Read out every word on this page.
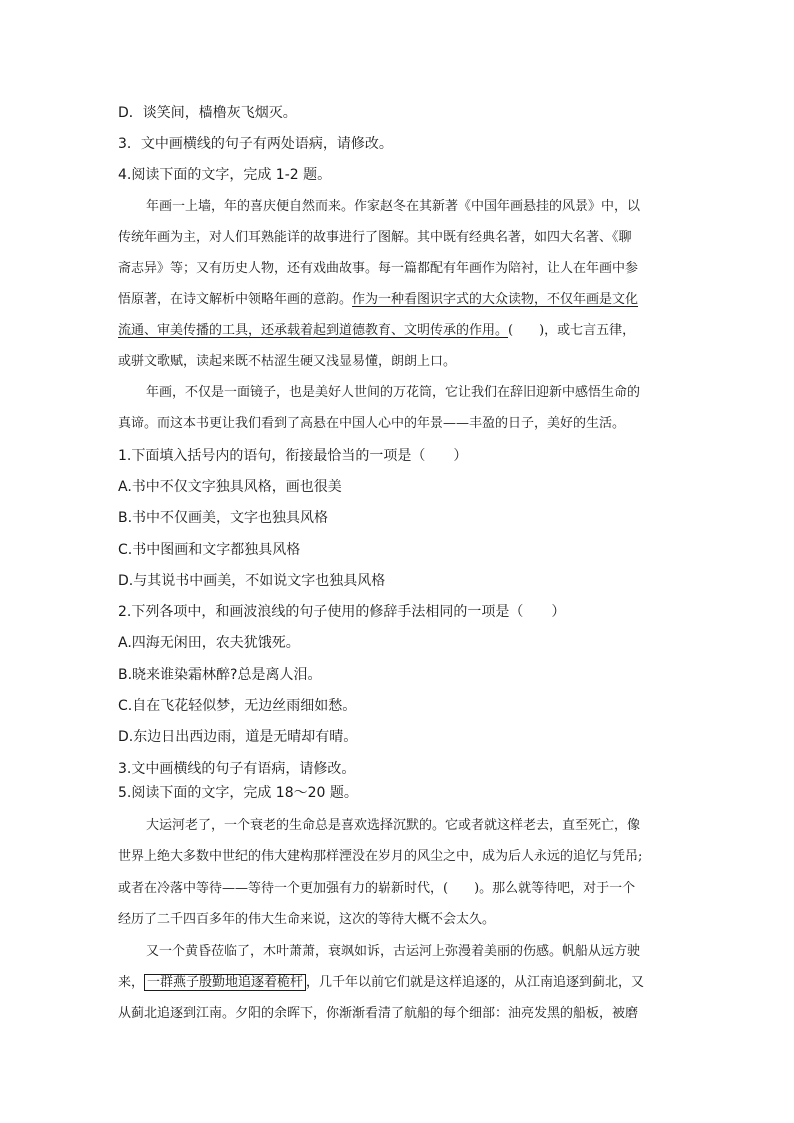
D．谈笑间，樯橹灰飞烟灭。
3．文中画横线的句子有两处语病，请修改。
4.阅读下面的文字，完成 1-2 题。
年画一上墙，年的喜庆便自然而来。作家赵冬在其新著《中国年画悬挂的风景》中，以
传统年画为主，对人们耳熟能详的故事进行了图解。其中既有经典名著，如四大名著、《聊
斋志异》等；又有历史人物，还有戏曲故事。每一篇都配有年画作为陪衬，让人在年画中参
悟原著，在诗文解析中领略年画的意韵。作为一种看图识字式的大众读物，不仅年画是文化
流通、审美传播的工具，还承载着起到道德教育、文明传承的作用。(　　)，或七言五律，
或骈文歌赋，读起来既不枯涩生硬又浅显易懂，朗朗上口。
年画，不仅是一面镜子，也是美好人世间的万花筒，它让我们在辞旧迎新中感悟生命的
真谛。而这本书更让我们看到了高悬在中国人心中的年景——丰盈的日子，美好的生活。
1.下面填入括号内的语句，衔接最恰当的一项是（　　）
A.书中不仅文字独具风格，画也很美
B.书中不仅画美，文字也独具风格
C.书中图画和文字都独具风格
D.与其说书中画美，不如说文字也独具风格
2.下列各项中，和画波浪线的句子使用的修辞手法相同的一项是（　　）
A.四海无闲田，农夫犹饿死。
B.晓来谁染霜林醉?总是离人泪。
C.自在飞花轻似梦，无边丝雨细如愁。
D.东边日出西边雨，道是无晴却有晴。
3.文中画横线的句子有语病，请修改。
5.阅读下面的文字，完成 18～20 题。
大运河老了，一个衰老的生命总是喜欢选择沉默的。它或者就这样老去，直至死亡，像
世界上绝大多数中世纪的伟大建构那样湮没在岁月的风尘之中，成为后人永远的追忆与凭吊;
或者在冷落中等待——等待一个更加强有力的崭新时代，(　　)。那么就等待吧，对于一个
经历了二千四百多年的伟大生命来说，这次的等待大概不会太久。
又一个黄昏莅临了，木叶萧萧，衰飒如诉，古运河上弥漫着美丽的伤感。帆船从远方驶
来， 一群燕子殷勤地追逐着桅杆 ，几千年以前它们就是这样追逐的，从江南追逐到蓟北，又
从蓟北追逐到江南。夕阳的余晖下，你渐渐看清了航船的每个细部：油亮发黑的船板，被磨
